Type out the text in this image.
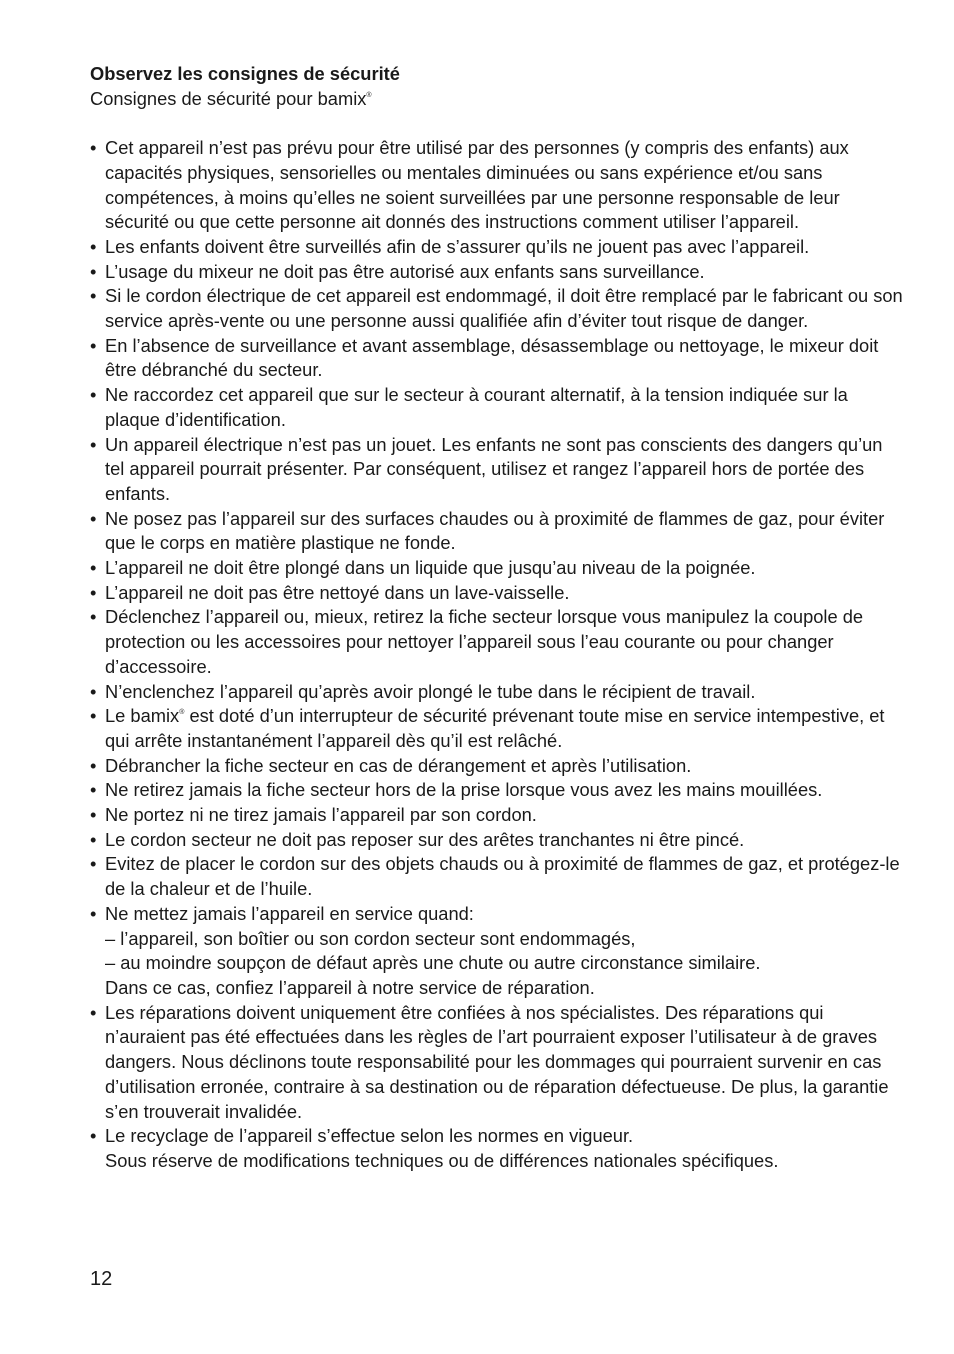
Observez les consignes de sécurité

Consignes de sécurité pour bamix®

• Cet appareil n’est pas prévu pour être utilisé par des personnes (y compris des enfants) aux capacités physiques, sensorielles ou mentales diminuées ou sans expérience et/ou sans compétences, à moins qu’elles ne soient surveillées par une personne responsable de leur sécurité ou que cette personne ait donnés des instructions comment utiliser l’appareil.
• Les enfants doivent être surveillés afin de s’assurer qu’ils ne jouent pas avec l’appareil.
• L’usage du mixeur ne doit pas être autorisé aux enfants sans surveillance.
• Si le cordon électrique de cet appareil est endommagé, il doit être remplacé par le fabricant ou son service après-vente ou une personne aussi qualifiée afin d’éviter tout risque de danger.
• En l’absence de surveillance et avant assemblage, désassemblage ou nettoyage, le mixeur doit être débranché du secteur.
• Ne raccordez cet appareil que sur le secteur à courant alternatif, à la tension indiquée sur la plaque d’identification.
• Un appareil électrique n’est pas un jouet. Les enfants ne sont pas conscients des dangers qu’un tel appareil pourrait présenter. Par conséquent, utilisez et rangez l’appareil hors de portée des enfants.
• Ne posez pas l’appareil sur des surfaces chaudes ou à proximité de flammes de gaz, pour éviter que le corps en matière plastique ne fonde.
• L’appareil ne doit être plongé dans un liquide que jusqu’au niveau de la poignée.
• L’appareil ne doit pas être nettoyé dans un lave-vaisselle.
• Déclenchez l’appareil ou, mieux, retirez la fiche secteur lorsque vous manipulez la coupole de protection ou les accessoires pour nettoyer l’appareil sous l’eau courante ou pour changer d’accessoire.
• N’enclenchez l’appareil qu’après avoir plongé le tube dans le récipient de travail.
• Le bamix® est doté d’un interrupteur de sécurité prévenant toute mise en service intempestive, et qui arrête instantanément l’appareil dès qu’il est relâché.
• Débrancher la fiche secteur en cas de dérangement et après l’utilisation.
• Ne retirez jamais la fiche secteur hors de la prise lorsque vous avez les mains mouillées.
• Ne portez ni ne tirez jamais l’appareil par son cordon.
• Le cordon secteur ne doit pas reposer sur des arêtes tranchantes ni être pincé.
• Evitez de placer le cordon sur des objets chauds ou à proximité de flammes de gaz, et protégez-le de la chaleur et de l’huile.
• Ne mettez jamais l’appareil en service quand:
– l’appareil, son boîtier ou son cordon secteur sont endommagés,
– au moindre soupçon de défaut après une chute ou autre circonstance similaire.
Dans ce cas, confiez l’appareil à notre service de réparation.
• Les réparations doivent uniquement être confiées à nos spécialistes. Des réparations qui n’auraient pas été effectuées dans les règles de l’art pourraient exposer l’utilisateur à de graves dangers. Nous déclinons toute responsabilité pour les dommages qui pourraient survenir en cas d’utilisation erronée, contraire à sa destination ou de réparation défectueuse. De plus, la garantie s’en trouverait invalidée.
• Le recyclage de l’appareil s’effectue selon les normes en vigueur.
Sous réserve de modifications techniques ou de différences nationales spécifiques.
12
